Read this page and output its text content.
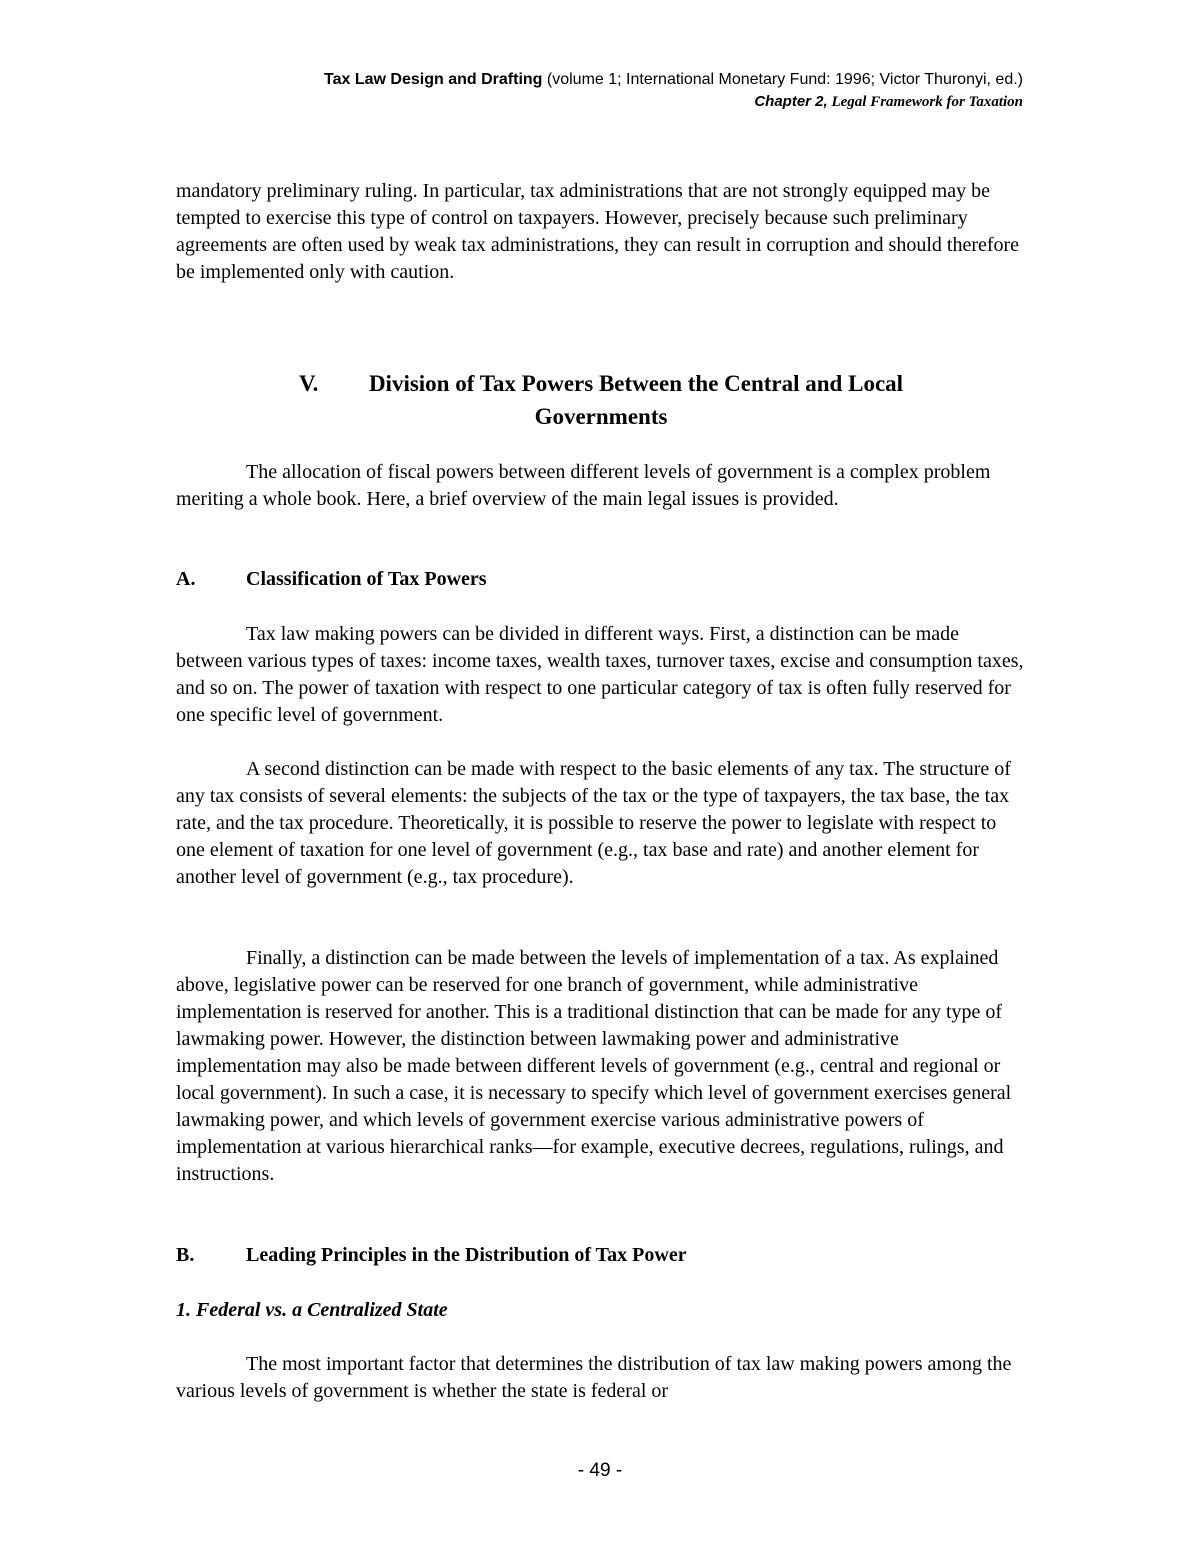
Tax Law Design and Drafting (volume 1; International Monetary Fund: 1996; Victor Thuronyi, ed.)
Chapter 2, Legal Framework for Taxation

mandatory preliminary ruling. In particular, tax administrations that are not strongly equipped may be tempted to exercise this type of control on taxpayers. However, precisely because such preliminary agreements are often used by weak tax administrations, they can result in corruption and should therefore be implemented only with caution.

V. Division of Tax Powers Between the Central and Local
Governments

The allocation of fiscal powers between different levels of government is a complex problem meriting a whole book. Here, a brief overview of the main legal issues is provided.

A.	Classification of Tax Powers

Tax law making powers can be divided in different ways. First, a distinction can be made between various types of taxes: income taxes, wealth taxes, turnover taxes, excise and consumption taxes, and so on. The power of taxation with respect to one particular category of tax is often fully reserved for one specific level of government.

A second distinction can be made with respect to the basic elements of any tax. The structure of any tax consists of several elements: the subjects of the tax or the type of taxpayers, the tax base, the tax rate, and the tax procedure. Theoretically, it is possible to reserve the power to legislate with respect to one element of taxation for one level of government (e.g., tax base and rate) and another element for another level of government (e.g., tax procedure).

Finally, a distinction can be made between the levels of implementation of a tax. As explained above, legislative power can be reserved for one branch of government, while administrative implementation is reserved for another. This is a traditional distinction that can be made for any type of lawmaking power. However, the distinction between lawmaking power and administrative implementation may also be made between different levels of government (e.g., central and regional or local government). In such a case, it is necessary to specify which level of government exercises general lawmaking power, and which levels of government exercise various administrative powers of implementation at various hierarchical ranks—for example, executive decrees, regulations, rulings, and instructions.

B.	Leading Principles in the Distribution of Tax Power
1. Federal vs. a Centralized State

The most important factor that determines the distribution of tax law making powers among the various levels of government is whether the state is federal or

- 49 -
